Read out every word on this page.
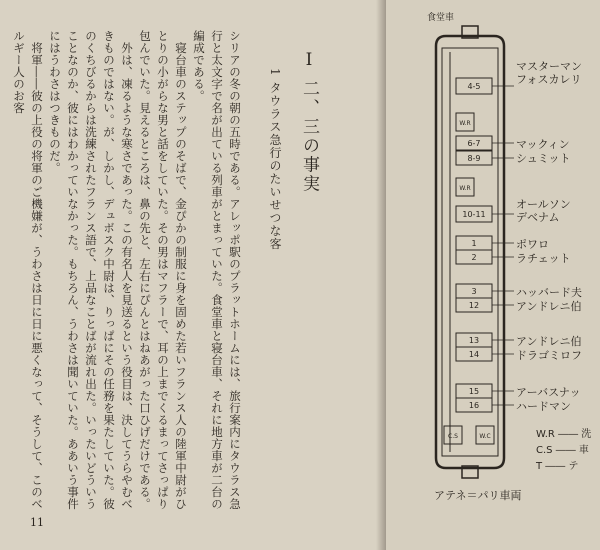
Ⅰ 二、三の事実
1 タウラス急行のたいせつな客

シリアの冬の朝の五時である。アレッポ駅のプラットホームには、旅行案内にタウラス急行と太文字で名が出ている列車がとまっていた。食堂車と寝台車、それに地方車が二台の編成である。

寝台車のステップのそばで、金ぴかの制服に身を固めた若いフランス人の陸軍中尉がひとりの小がらな男と話をしていた。その男はマフラーで、耳の上までくるまってさっぱり包んでいた。見えるところは、鼻の先と、左右にぴんとはねあがった口ひげだけである。

外は、凍るような寒さであった。この有名人を見送るという役目は、決してうらやむべきものではない。が、しかし、デュボスク中尉は、りっぱにその任務を果たしていた。彼のくちびるからは洗練されたフランス語で、上品なことばが流れ出た。いったいどういうことなのか、彼にはわかっていなかった。もちろん、うわさは聞いていた。ああいう事件にはうわさはつきものだ。

将軍――彼の上役の将軍のご機嫌が、うわさは日に日に悪くなって、そうして、このベルギー人のお客

11
食堂車
4-5
W.R
6-7
8-9
W.R
10-11
1
2
3
12
13
14
15
16
C.S	W.C
マスターマン
フォスカレリ
マックィン
シュミット
オールソン
デベナム
ポワロ
ラチェット
ハッバード夫
アンドレニ伯
アンドレニ伯
ドラゴミロフ
アーバスナッ
ハードマン
W.R ―― 洗
C.S ―― 車
T ―― テ
アテネ＝パリ車両
